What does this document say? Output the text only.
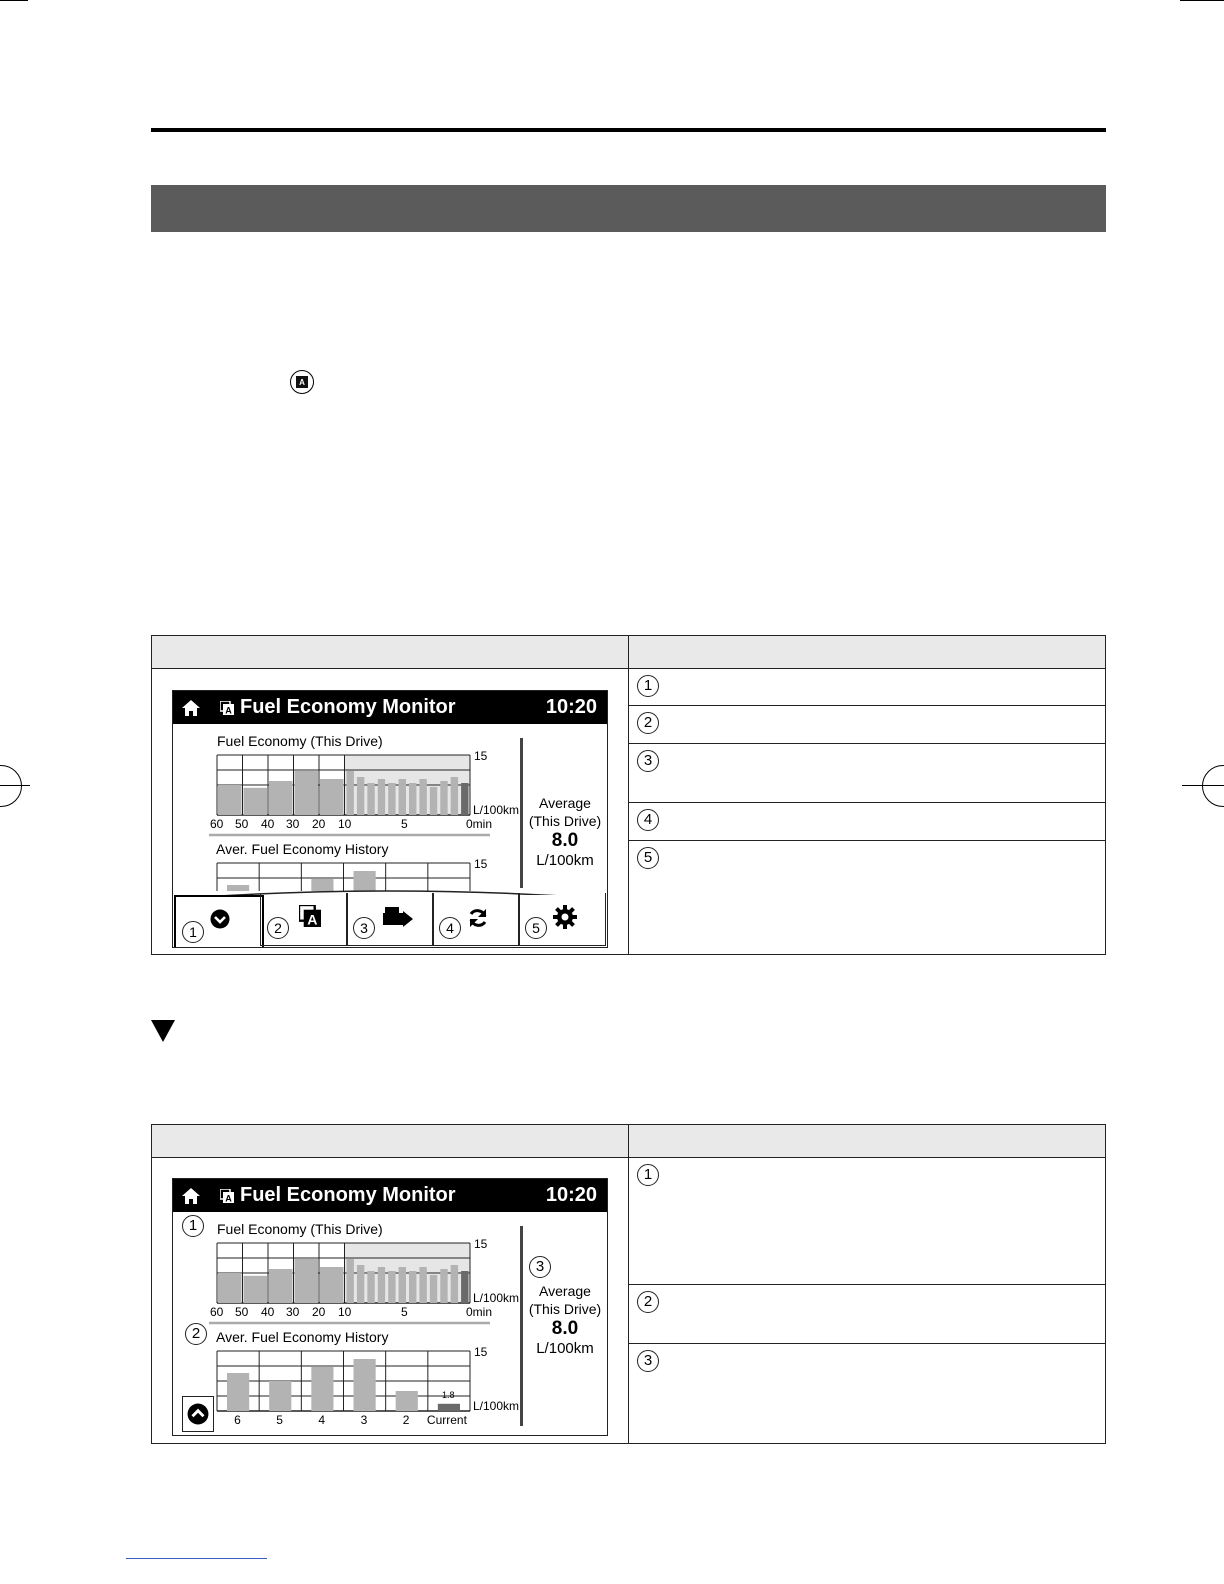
A

	1
	2
	3
	4
	5
A Fuel Economy Monitor	10:20
Fuel Economy (This Drive)
15
L/100km
60 50 40 30 20 10	5	0min
Aver. Fuel Economy History
15
Average
(This Drive)
8.0
L/100km
1	2
A
3	4	5

	1
	2
	3
A Fuel Economy Monitor	10:20
1	Fuel Economy (This Drive)
15
L/100km
60 50 40 30 20 10	5	0min
2	Aver. Fuel Economy History
15
L/100km
6	5	4	3	2 Current
1.8
3
Average
(This Drive)
8.0
L/100km
